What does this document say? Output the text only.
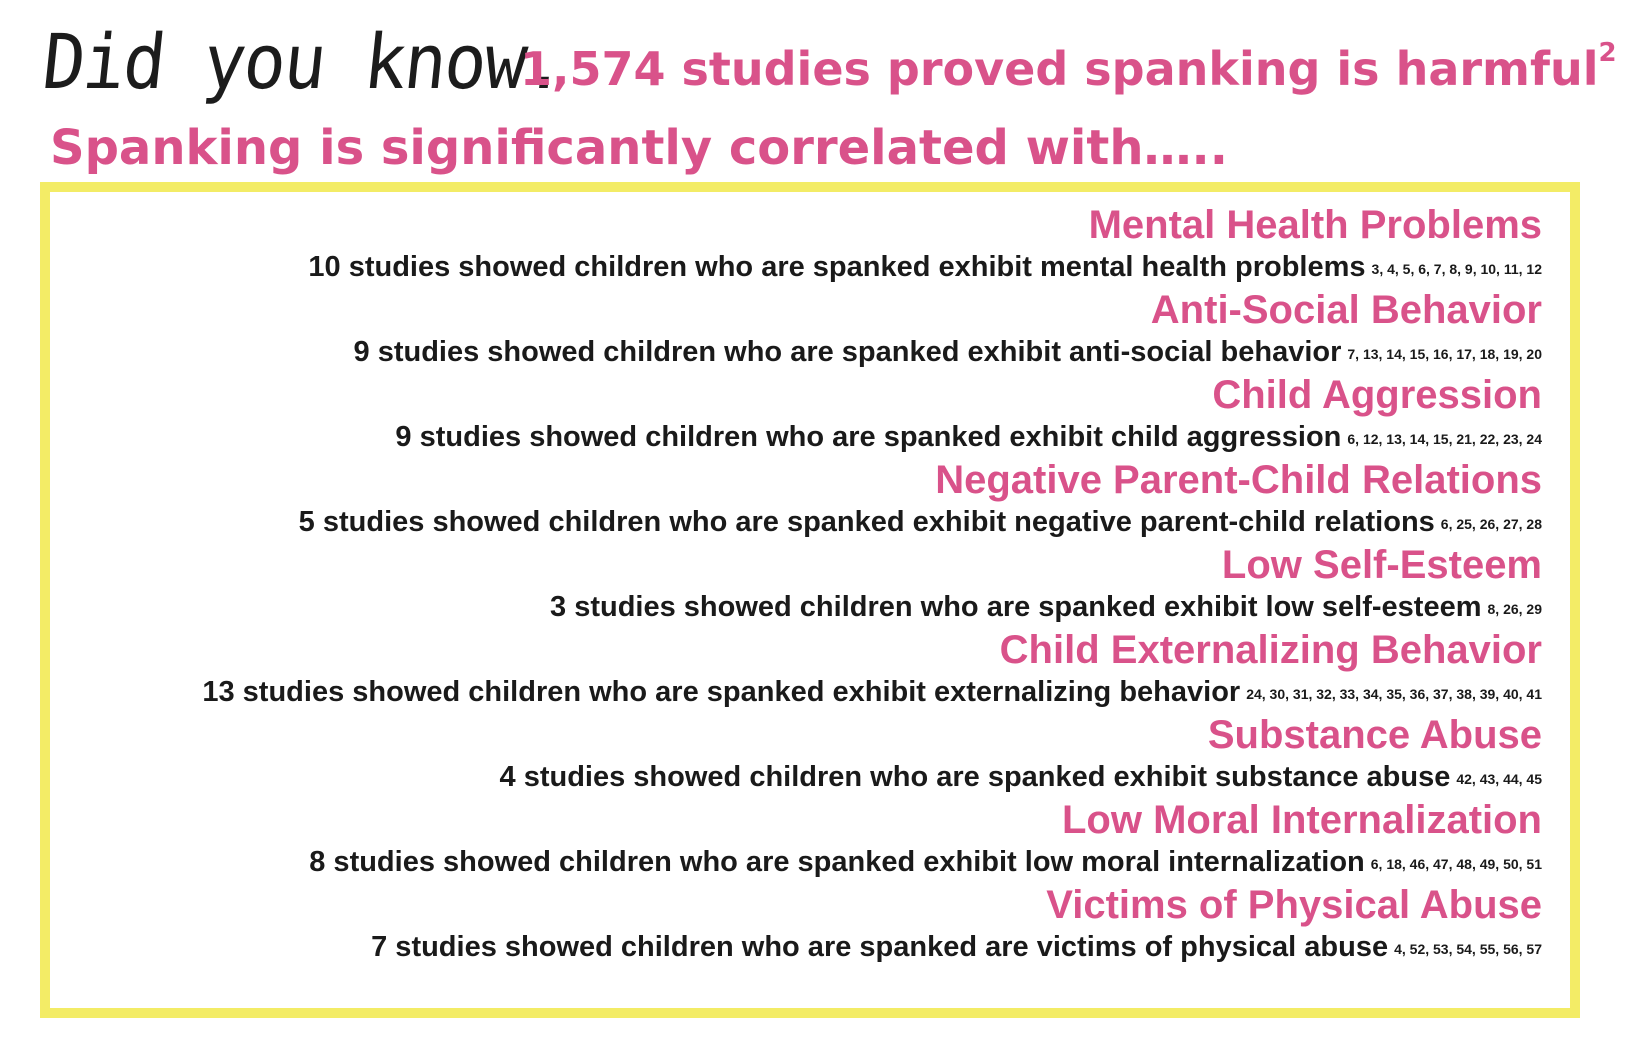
Did you know.
1,574 studies proved spanking is harmful$^2$
Spanking is significantly correlated with…..
Mental Health Problems
10 studies showed children who are spanked exhibit mental health problems $^{3, 4, 5, 6, 7, 8, 9, 10, 11, 12}$
Anti-Social Behavior
9 studies showed children who are spanked exhibit anti-social behavior $^{7, 13, 14, 15, 16, 17, 18, 19, 20}$
Child Aggression
9 studies showed children who are spanked exhibit child aggression $^{6, 12, 13, 14, 15, 21, 22, 23, 24}$
Negative Parent-Child Relations
5 studies showed children who are spanked exhibit negative parent-child relations $^{6, 25, 26, 27, 28}$
Low Self-Esteem
3 studies showed children who are spanked exhibit low self-esteem $^{8, 26, 29}$
Child Externalizing Behavior
13 studies showed children who are spanked exhibit externalizing behavior $^{24, 30, 31, 32, 33, 34, 35, 36, 37, 38, 39, 40, 41}$
Substance Abuse
4 studies showed children who are spanked exhibit substance abuse $^{42, 43, 44, 45}$
Low Moral Internalization
8 studies showed children who are spanked exhibit low moral internalization $^{6, 18, 46, 47, 48, 49, 50, 51}$
Victims of Physical Abuse
7 studies showed children who are spanked are victims of physical abuse $^{4, 52, 53, 54, 55, 56, 57}$
